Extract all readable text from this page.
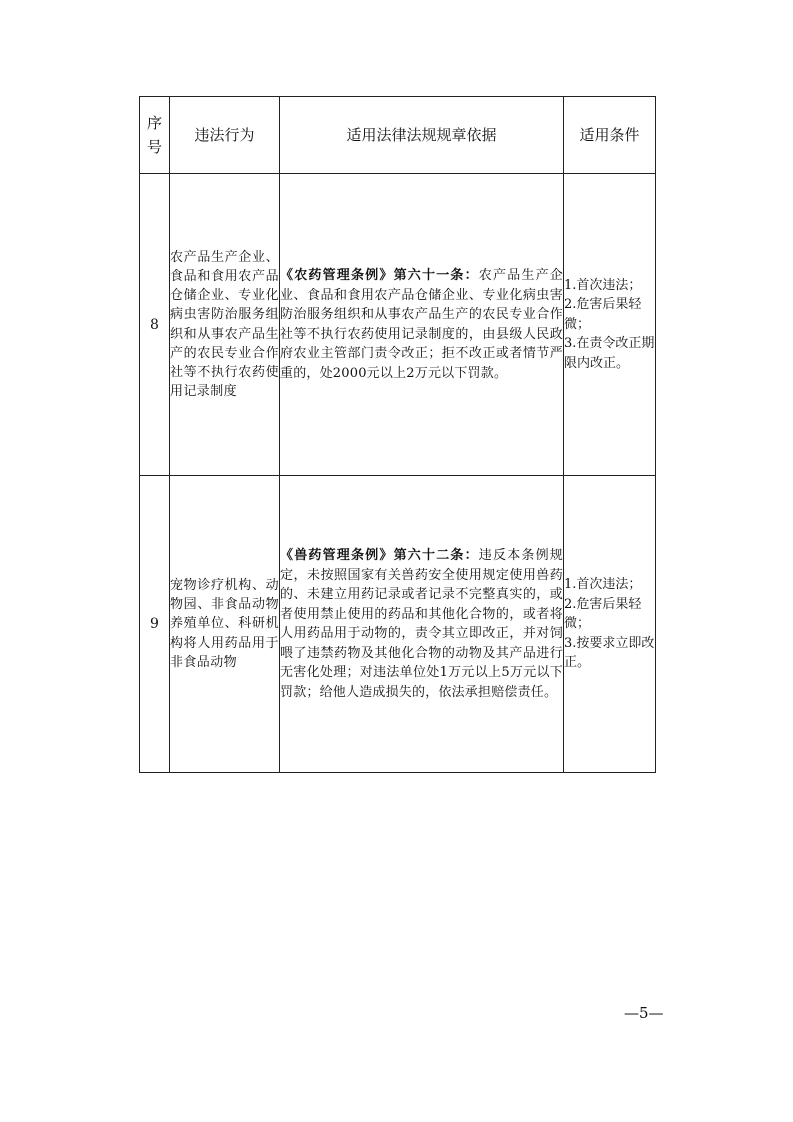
序
号	违法行为	适用法律法规规章依据	适用条件
8	农产品生产企业、食品和食用农产品仓储企业、专业化病虫害防治服务组织和从事农产品生产的农民专业合作社等不执行农药使用记录制度	《农药管理条例》第六十一条：农产品生产企业、食品和食用农产品仓储企业、专业化病虫害防治服务组织和从事农产品生产的农民专业合作社等不执行农药使用记录制度的，由县级人民政府农业主管部门责令改正；拒不改正或者情节严重的，处2000元以上2万元以下罚款。	1.首次违法；
2.危害后果轻微；
3.在责令改正期限内改正。

9	宠物诊疗机构、动物园、非食品动物养殖单位、科研机构将人用药品用于非食品动物	《兽药管理条例》第六十二条：违反本条例规定，未按照国家有关兽药安全使用规定使用兽药的、未建立用药记录或者记录不完整真实的，或者使用禁止使用的药品和其他化合物的，或者将人用药品用于动物的，责令其立即改正，并对饲喂了违禁药物及其他化合物的动物及其产品进行无害化处理；对违法单位处1万元以上5万元以下罚款；给他人造成损失的，依法承担赔偿责任。	1.首次违法；
2.危害后果轻微；
3.按要求立即改正。
—5—
